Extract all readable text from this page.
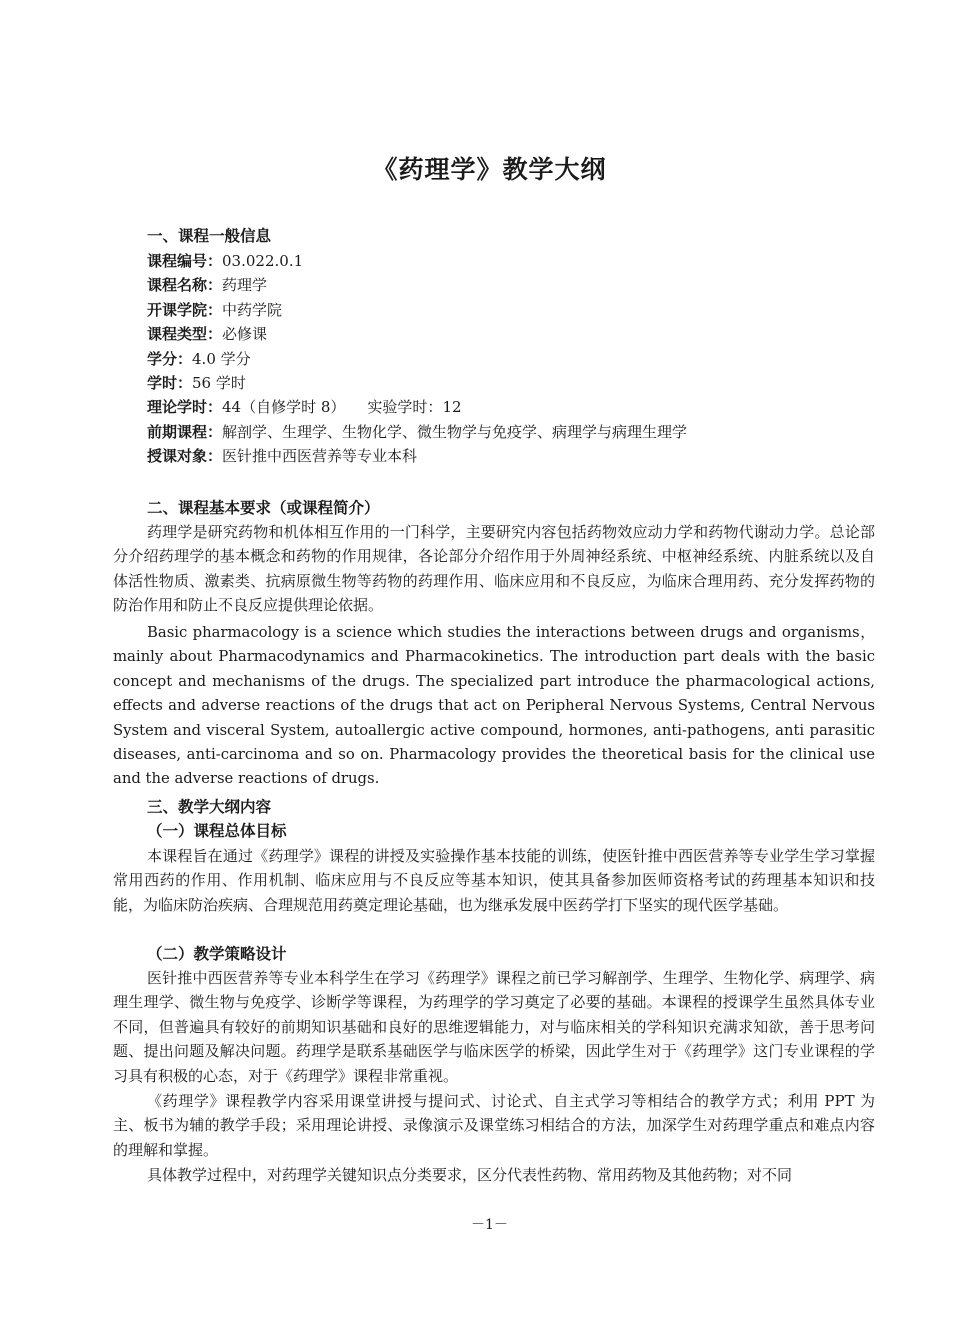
《药理学》教学大纲
一、课程一般信息
课程编号：03.022.0.1
课程名称：药理学
开课学院：中药学院
课程类型：必修课
学分：4.0 学分
学时：56 学时
理论学时：44（自修学时 8） 实验学时：12
前期课程：解剖学、生理学、生物化学、微生物学与免疫学、病理学与病理生理学
授课对象：医针推中西医营养等专业本科
二、课程基本要求（或课程简介）
药理学是研究药物和机体相互作用的一门科学，主要研究内容包括药物效应动力学和药物代谢动力学。总论部分介绍药理学的基本概念和药物的作用规律，各论部分介绍作用于外周神经系统、中枢神经系统、内脏系统以及自体活性物质、激素类、抗病原微生物等药物的药理作用、临床应用和不良反应，为临床合理用药、充分发挥药物的防治作用和防止不良反应提供理论依据。
Basic pharmacology is a science which studies the interactions between drugs and organisms，mainly about Pharmacodynamics and Pharmacokinetics. The introduction part deals with the basic concept and mechanisms of the drugs. The specialized part introduce the pharmacological actions, effects and adverse reactions of the drugs that act on Peripheral Nervous Systems, Central Nervous System and visceral System, autoallergic active compound, hormones, anti-pathogens, anti parasitic diseases, anti-carcinoma and so on. Pharmacology provides the theoretical basis for the clinical use and the adverse reactions of drugs.
三、教学大纲内容
（一）课程总体目标
本课程旨在通过《药理学》课程的讲授及实验操作基本技能的训练，使医针推中西医营养等专业学生学习掌握常用西药的作用、作用机制、临床应用与不良反应等基本知识，使其具备参加医师资格考试的药理基本知识和技能，为临床防治疾病、合理规范用药奠定理论基础，也为继承发展中医药学打下坚实的现代医学基础。
（二）教学策略设计
医针推中西医营养等专业本科学生在学习《药理学》课程之前已学习解剖学、生理学、生物化学、病理学、病理生理学、微生物与免疫学、诊断学等课程，为药理学的学习奠定了必要的基础。本课程的授课学生虽然具体专业不同，但普遍具有较好的前期知识基础和良好的思维逻辑能力，对与临床相关的学科知识充满求知欲，善于思考问题、提出问题及解决问题。药理学是联系基础医学与临床医学的桥梁，因此学生对于《药理学》这门专业课程的学习具有积极的心态，对于《药理学》课程非常重视。
《药理学》课程教学内容采用课堂讲授与提问式、讨论式、自主式学习等相结合的教学方式；利用 PPT 为主、板书为辅的教学手段；采用理论讲授、录像演示及课堂练习相结合的方法，加深学生对药理学重点和难点内容的理解和掌握。
具体教学过程中，对药理学关键知识点分类要求，区分代表性药物、常用药物及其他药物；对不同
－1－
